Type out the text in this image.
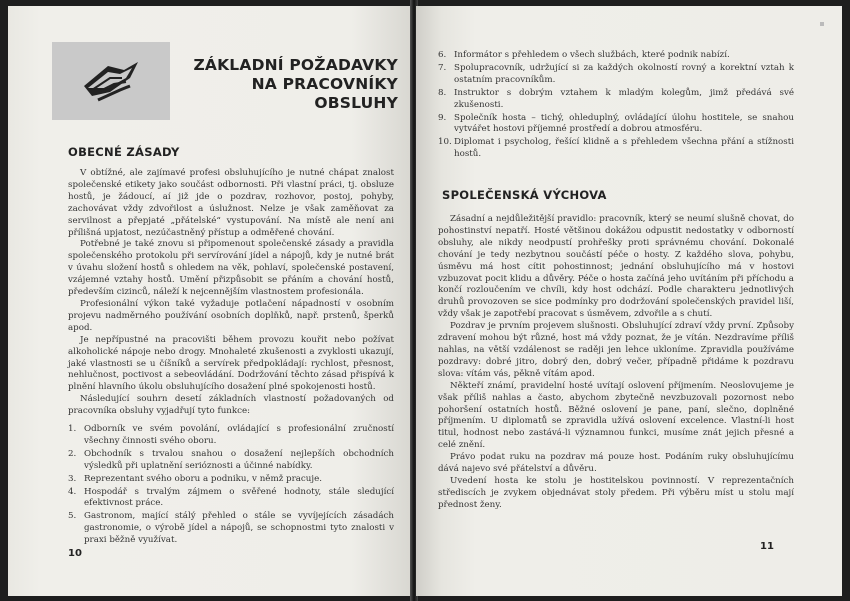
ZÁKLADNÍ POŽADAVKY NA PRACOVNÍKY OBSLUHY
OBECNÉ ZÁSADY

V obtížné, ale zajímavé profesi obsluhujícího je nutné chápat znalost společenské etikety jako součást odbornosti. Při vlastní práci, tj. obsluze hostů, je žádoucí, aí již jde o pozdrav, rozhovor, postoj, pohyby, zachovávat vždy zdvořilost a úslužnost. Nelze je však zaměňovat za servilnost a přepjaté „přátelské“ vystupování. Na místě ale není ani přílišná upjatost, nezúčastněný přístup a odměřené chování.

Potřebné je také znovu si připomenout společenské zásady a pravidla společenského protokolu při servírování jídel a nápojů, kdy je nutné brát v úvahu složení hostů s ohledem na věk, pohlaví, společenské postavení, vzájemné vztahy hostů. Umění přizpůsobit se přáním a chování hostů, především cizinců, náleží k nejcennějším vlastnostem profesionála.

Profesionální výkon také vyžaduje potlačení nápadností v osobním projevu nadměrného používání osobních doplňků, např. prstenů, šperků apod.

Je nepřípustné na pracovišti během provozu kouřit nebo požívat alkoholické nápoje nebo drogy. Mnohaleté zkušenosti a zvyklosti ukazují, jaké vlastnosti se u číšníků a servírek předpokládají: rychlost, přesnost, nehlučnost, poctivost a sebeovládání. Dodržování těchto zásad přispívá k plnění hlavního úkolu obsluhujícího dosažení plné spokojenosti hostů.

Následující souhrn desetí základních vlastností požadovaných od pracovníka obsluhy vyjadřují tyto funkce:

1. Odborník ve svém povolání, ovládající s profesionální zručností všechny činnosti svého oboru.
2. Obchodník s trvalou snahou o dosažení nejlepších obchodních výsledků při uplatnění serióznosti a účinné nabídky.
3. Reprezentant svého oboru a podniku, v němž pracuje.
4. Hospodář s trvalým zájmem o svěřené hodnoty, stále sledující efektivnost práce.
5. Gastronom, mající stálý přehled o stále se vyvíjejících zásadách gastronomie, o výrobě jídel a nápojů, se schopnostmi tyto znalosti v praxi běžně využívat.
10
6. Informátor s přehledem o všech službách, které podnik nabízí.
7. Spolupracovník, udržující si za každých okolností rovný a korektní vztah k ostatním pracovníkům.
8. Instruktor s dobrým vztahem k mladým kolegům, jimž předává své zkušenosti.
9. Společník hosta – tichý, ohleduplný, ovládající úlohu hostitele, se snahou vytvářet hostovi příjemné prostředí a dobrou atmosféru.
10. Diplomat i psycholog, řešící klidně a s přehledem všechna přání a stížnosti hostů.
SPOLEČENSKÁ VÝCHOVA

Zásadní a nejdůležitější pravidlo: pracovník, který se neumí slušně chovat, do pohostinství nepatří. Hosté většinou dokážou odpustit nedostatky v odborností obsluhy, ale nikdy neodpustí prohřešky proti správnému chování. Dokonalé chování je tedy nezbytnou součástí péče o hosty. Z každého slova, pohybu, úsměvu má host cítit pohostinnost; jednání obsluhujícího má v hostovi vzbuzovat pocit klidu a důvěry. Péče o hosta začíná jeho uvítáním při příchodu a končí rozloučením ve chvíli, kdy host odchází. Podle charakteru jednotlivých druhů provozoven se sice podmínky pro dodržování společenských pravidel liší, vždy však je zapotřebí pracovat s úsměvem, zdvořile a s chutí.

Pozdrav je prvním projevem slušnosti. Obsluhující zdraví vždy první. Způsoby zdravení mohou být různé, host má vždy poznat, že je vítán. Nezdravíme příliš nahlas, na větší vzdálenost se raději jen lehce ukloníme. Zpravidla používáme pozdravy: dobré jitro, dobrý den, dobrý večer, případně přidáme k pozdravu slova: vítám vás, pěkně vítám apod.

Někteří známí, pravidelní hosté uvítají oslovení příjmením. Neoslovujeme je však příliš nahlas a často, abychom zbytečně nevzbuzovali pozornost nebo pohoršení ostatních hostů. Běžné oslovení je pane, paní, slečno, doplněné příjmením. U diplomatů se zpravidla užívá oslovení excelence. Vlastní-li host titul, hodnost nebo zastává-li významnou funkci, musíme znát jejich přesné a celé znění.

Právo podat ruku na pozdrav má pouze host. Podáním ruky obsluhujícímu dává najevo své přátelství a důvěru.

Uvedení hosta ke stolu je hostitelskou povinností. V reprezentačních střediscích je zvykem objednávat stoly předem. Při výběru míst u stolu mají přednost ženy.

11
